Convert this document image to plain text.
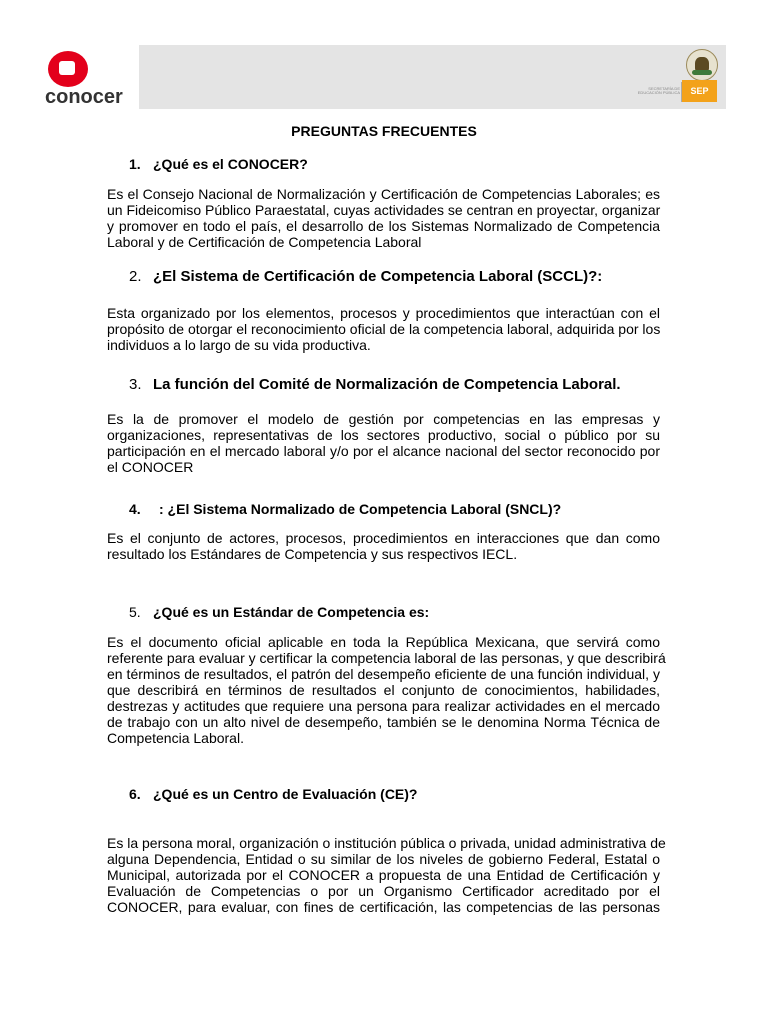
conocer	SECRETARÍA DE EDUCACIÓN PÚBLICA	SEP
PREGUNTAS FRECUENTES
1. ¿Qué es el CONOCER?
Es el Consejo Nacional de Normalización y Certificación de Competencias Laborales; es
un Fideicomiso Público Paraestatal, cuyas actividades se centran en proyectar, organizar
y promover en todo el país, el desarrollo de los Sistemas Normalizado de Competencia
Laboral y de Certificación de Competencia Laboral
2. ¿El Sistema de Certificación de Competencia Laboral (SCCL)?:
Esta organizado por los elementos, procesos y procedimientos que interactúan con el
propósito de otorgar el reconocimiento oficial de la competencia laboral, adquirida por los
individuos a lo largo de su vida productiva.
3. La función del Comité de Normalización de Competencia Laboral.
Es la de promover el modelo de gestión por competencias en las empresas y
organizaciones, representativas de los sectores productivo, social o público por su
participación en el mercado laboral y/o por el alcance nacional del sector reconocido por
el CONOCER
4. : ¿El Sistema Normalizado de Competencia Laboral (SNCL)?
Es el conjunto de actores, procesos, procedimientos en interacciones que dan como
resultado los Estándares de Competencia y sus respectivos IECL.
5. ¿Qué es un Estándar de Competencia es:
Es el documento oficial aplicable en toda la República Mexicana, que servirá como
referente para evaluar y certificar la competencia laboral de las personas, y que describirá
en términos de resultados, el patrón del desempeño eficiente de una función individual, y
que describirá en términos de resultados el conjunto de conocimientos, habilidades,
destrezas y actitudes que requiere una persona para realizar actividades en el mercado
de trabajo con un alto nivel de desempeño, también se le denomina Norma Técnica de
Competencia Laboral.
6. ¿Qué es un Centro de Evaluación (CE)?
Es la persona moral, organización o institución pública o privada, unidad administrativa de
alguna Dependencia, Entidad o su similar de los niveles de gobierno Federal, Estatal o
Municipal, autorizada por el CONOCER a propuesta de una Entidad de Certificación y
Evaluación de Competencias o por un Organismo Certificador acreditado por el
CONOCER, para evaluar, con fines de certificación, las competencias de las personas
